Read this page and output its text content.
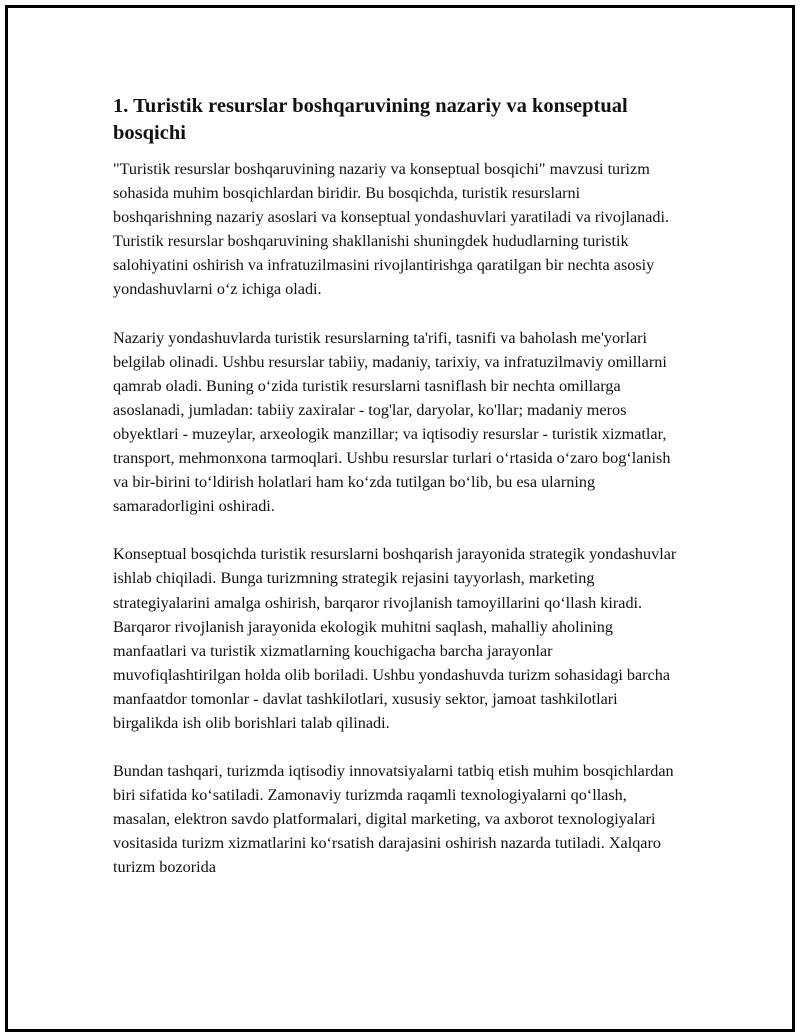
1. Turistik resurslar boshqaruvining nazariy va konseptual bosqichi

"Turistik resurslar boshqaruvining nazariy va konseptual bosqichi" mavzusi turizm sohasida muhim bosqichlardan biridir. Bu bosqichda, turistik resurslarni boshqarishning nazariy asoslari va konseptual yondashuvlari yaratiladi va rivojlanadi. Turistik resurslar boshqaruvining shakllanishi shuningdek hududlarning turistik salohiyatini oshirish va infratuzilmasini rivojlantirishga qaratilgan bir nechta asosiy yondashuvlarni oʻz ichiga oladi.

Nazariy yondashuvlarda turistik resurslarning ta'rifi, tasnifi va baholash me'yorlari belgilab olinadi. Ushbu resurslar tabiiy, madaniy, tarixiy, va infratuzilmaviy omillarni qamrab oladi. Buning oʻzida turistik resurslarni tasniflash bir nechta omillarga asoslanadi, jumladan: tabiiy zaxiralar - tog'lar, daryolar, ko'llar; madaniy meros obyektlari - muzeylar, arxeologik manzillar; va iqtisodiy resurslar - turistik xizmatlar, transport, mehmonxona tarmoqlari. Ushbu resurslar turlari oʻrtasida oʻzaro bogʻlanish va bir-birini toʻldirish holatlari ham koʻzda tutilgan boʻlib, bu esa ularning samaradorligini oshiradi.

Konseptual bosqichda turistik resurslarni boshqarish jarayonida strategik yondashuvlar ishlab chiqiladi. Bunga turizmning strategik rejasini tayyorlash, marketing strategiyalarini amalga oshirish, barqaror rivojlanish tamoyillarini qoʻllash kiradi. Barqaror rivojlanish jarayonida ekologik muhitni saqlash, mahalliy aholining manfaatlari va turistik xizmatlarning kouchigacha barcha jarayonlar muvofiqlashtirilgan holda olib boriladi. Ushbu yondashuvda turizm sohasidagi barcha manfaatdor tomonlar - davlat tashkilotlari, xususiy sektor, jamoat tashkilotlari birgalikda ish olib borishlari talab qilinadi.

Bundan tashqari, turizmda iqtisodiy innovatsiyalarni tatbiq etish muhim bosqichlardan biri sifatida koʻsatiladi. Zamonaviy turizmda raqamli texnologiyalarni qoʻllash, masalan, elektron savdo platformalari, digital marketing, va axborot texnologiyalari vositasida turizm xizmatlarini koʻrsatish darajasini oshirish nazarda tutiladi. Xalqaro turizm bozorida
